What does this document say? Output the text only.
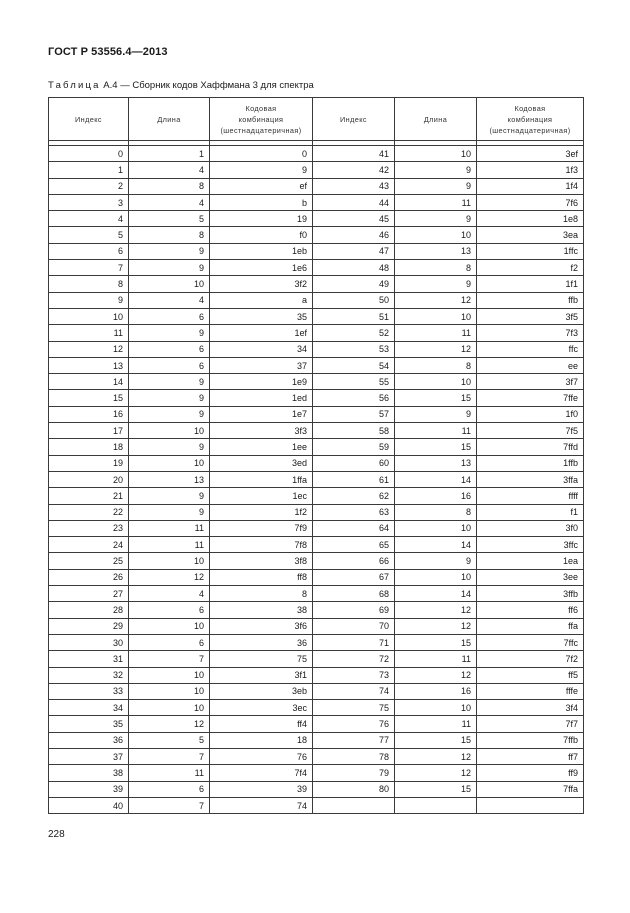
ГОСТ Р 53556.4—2013
Таблица А.4 — Сборник кодов Хаффмана 3 для спектра
Индекс	Длина	Кодовая
комбинация
(шестнадцатеричная)	Индекс	Длина	Кодовая
комбинация
(шестнадцатеричная)

0	1	0	41	10	3ef
1	4	9	42	9	1f3
2	8	ef	43	9	1f4
3	4	b	44	11	7f6
4	5	19	45	9	1e8
5	8	f0	46	10	3ea
6	9	1eb	47	13	1ffc
7	9	1e6	48	8	f2
8	10	3f2	49	9	1f1
9	4	a	50	12	ffb
10	6	35	51	10	3f5
11	9	1ef	52	11	7f3
12	6	34	53	12	ffc
13	6	37	54	8	ee
14	9	1e9	55	10	3f7
15	9	1ed	56	15	7ffe
16	9	1e7	57	9	1f0
17	10	3f3	58	11	7f5
18	9	1ee	59	15	7ffd
19	10	3ed	60	13	1ffb
20	13	1ffa	61	14	3ffa
21	9	1ec	62	16	ffff
22	9	1f2	63	8	f1
23	11	7f9	64	10	3f0
24	11	7f8	65	14	3ffc
25	10	3f8	66	9	1ea
26	12	ff8	67	10	3ee
27	4	8	68	14	3ffb
28	6	38	69	12	ff6
29	10	3f6	70	12	ffa
30	6	36	71	15	7ffc
31	7	75	72	11	7f2
32	10	3f1	73	12	ff5
33	10	3eb	74	16	fffe
34	10	3ec	75	10	3f4
35	12	ff4	76	11	7f7
36	5	18	77	15	7ffb
37	7	76	78	12	ff7
38	11	7f4	79	12	ff9
39	6	39	80	15	7ffa
40	7	74			
228
